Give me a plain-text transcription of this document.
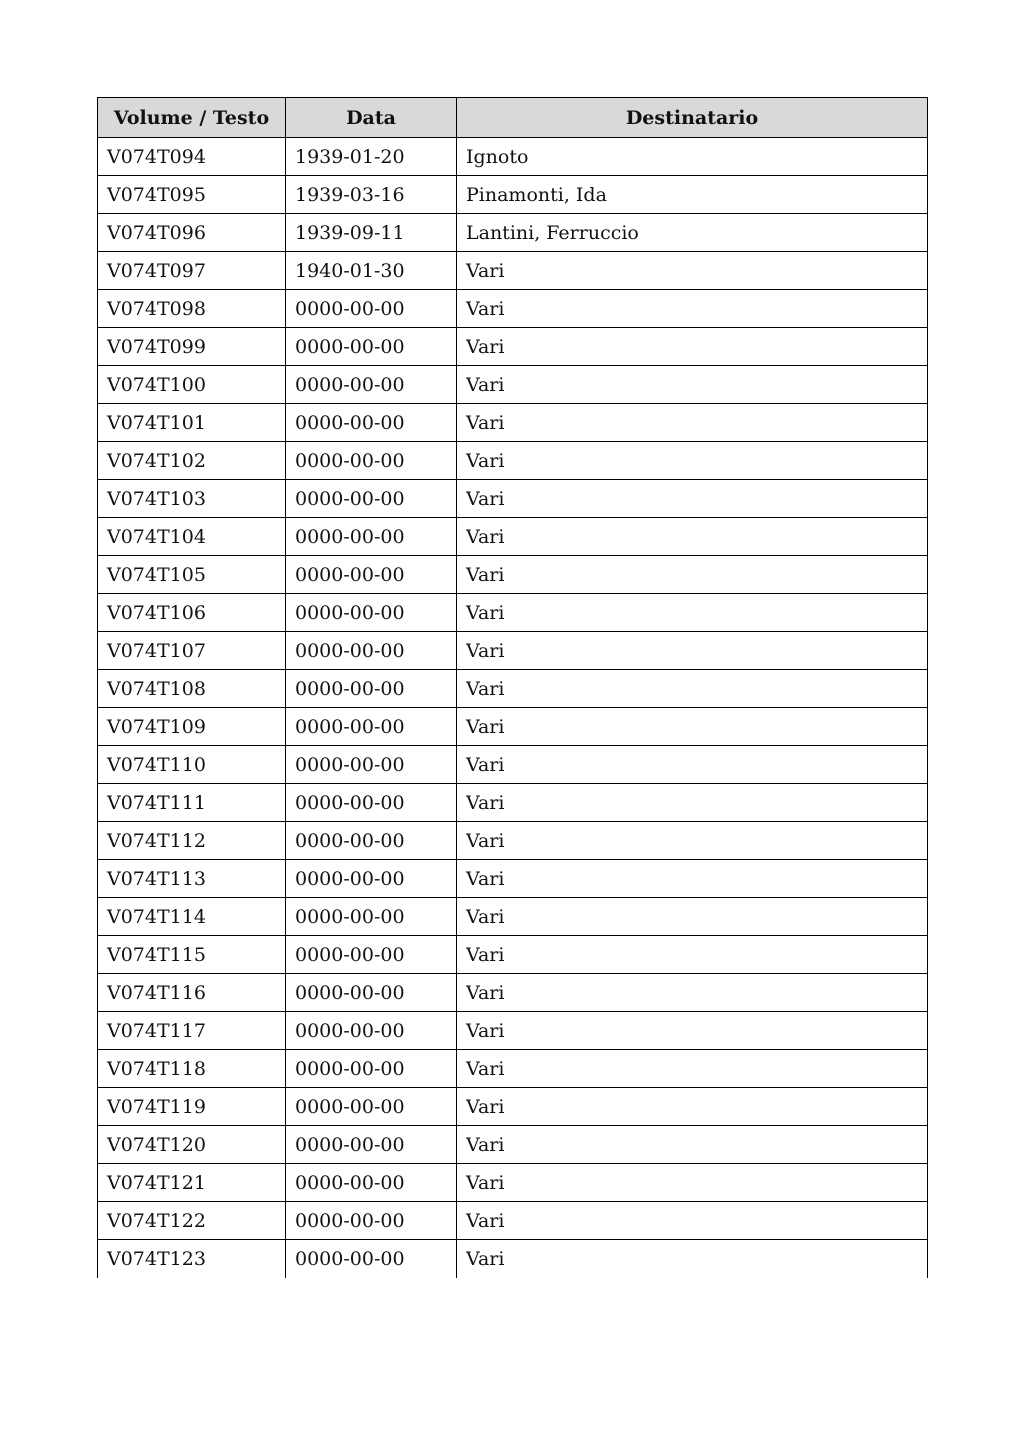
Volume / Testo	Data	Destinatario
V074T094	1939-01-20	Ignoto
V074T095	1939-03-16	Pinamonti, Ida
V074T096	1939-09-11	Lantini, Ferruccio
V074T097	1940-01-30	Vari
V074T098	0000-00-00	Vari
V074T099	0000-00-00	Vari
V074T100	0000-00-00	Vari
V074T101	0000-00-00	Vari
V074T102	0000-00-00	Vari
V074T103	0000-00-00	Vari
V074T104	0000-00-00	Vari
V074T105	0000-00-00	Vari
V074T106	0000-00-00	Vari
V074T107	0000-00-00	Vari
V074T108	0000-00-00	Vari
V074T109	0000-00-00	Vari
V074T110	0000-00-00	Vari
V074T111	0000-00-00	Vari
V074T112	0000-00-00	Vari
V074T113	0000-00-00	Vari
V074T114	0000-00-00	Vari
V074T115	0000-00-00	Vari
V074T116	0000-00-00	Vari
V074T117	0000-00-00	Vari
V074T118	0000-00-00	Vari
V074T119	0000-00-00	Vari
V074T120	0000-00-00	Vari
V074T121	0000-00-00	Vari
V074T122	0000-00-00	Vari
V074T123	0000-00-00	Vari
